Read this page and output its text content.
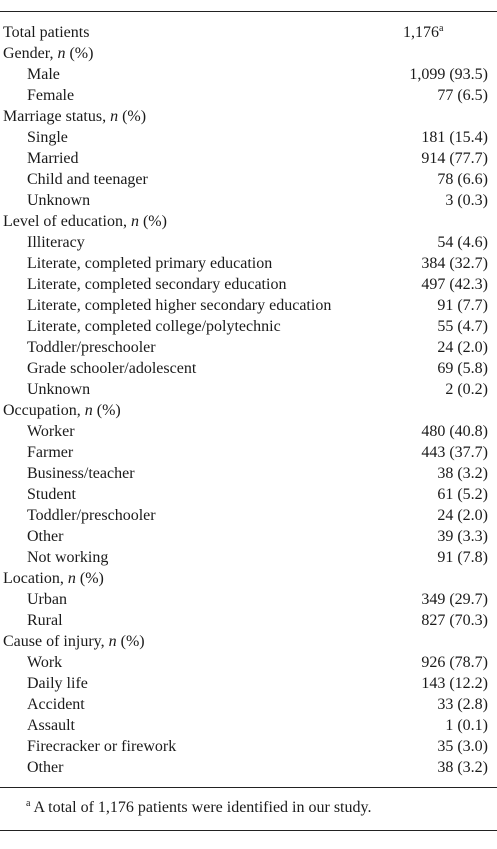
Total patients	1,176$^a$
Gender, n (%)
Male	1,099 (93.5)
Female	77 (6.5)
Marriage status, n (%)
Single	181 (15.4)
Married	914 (77.7)
Child and teenager	78 (6.6)
Unknown	3 (0.3)
Level of education, n (%)
Illiteracy	54 (4.6)
Literate, completed primary education	384 (32.7)
Literate, completed secondary education	497 (42.3)
Literate, completed higher secondary education	91 (7.7)
Literate, completed college/polytechnic	55 (4.7)
Toddler/preschooler	24 (2.0)
Grade schooler/adolescent	69 (5.8)
Unknown	2 (0.2)
Occupation, n (%)
Worker	480 (40.8)
Farmer	443 (37.7)
Business/teacher	38 (3.2)
Student	61 (5.2)
Toddler/preschooler	24 (2.0)
Other	39 (3.3)
Not working	91 (7.8)
Location, n (%)
Urban	349 (29.7)
Rural	827 (70.3)
Cause of injury, n (%)
Work	926 (78.7)
Daily life	143 (12.2)
Accident	33 (2.8)
Assault	1 (0.1)
Firecracker or firework	35 (3.0)
Other	38 (3.2)
$^a$ A total of 1,176 patients were identified in our study.
